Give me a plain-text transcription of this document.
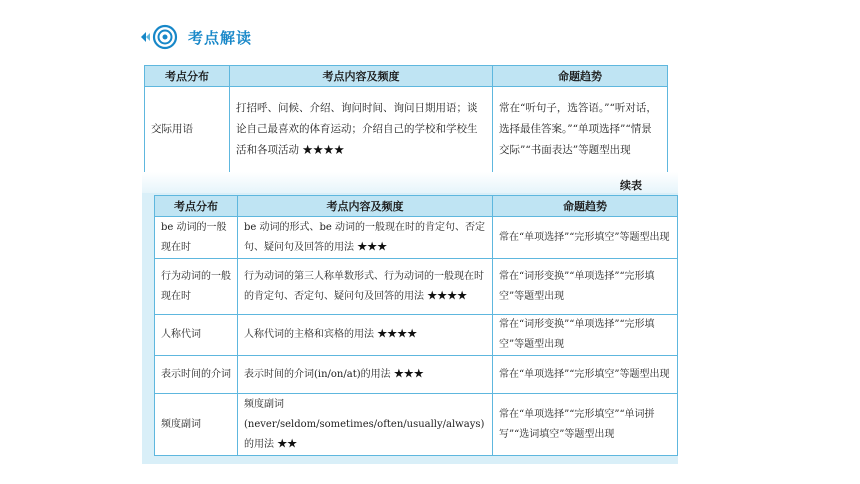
考点解读
考点分布	考点内容及频度	命题趋势
交际用语	打招呼、问候、介绍、询问时间、询问日期用语；谈论自己最喜欢的体育运动；介绍自己的学校和学校生活和各项活动 ★★★★	常在“听句子，选答语。”“听对话，选择最佳答案。”“单项选择”“情景交际”“书面表达”等题型出现
续表
考点分布	考点内容及频度	命题趋势
be 动词的一般现在时	be 动词的形式、be 动词的一般现在时的肯定句、否定句、疑问句及回答的用法 ★★★	常在“单项选择”“完形填空”等题型出现
行为动词的一般现在时	行为动词的第三人称单数形式、行为动词的一般现在时的肯定句、否定句、疑问句及回答的用法 ★★★★	常在“词形变换”“单项选择”“完形填空”等题型出现
人称代词	人称代词的主格和宾格的用法 ★★★★	常在“词形变换”“单项选择”“完形填空”等题型出现
表示时间的介词	表示时间的介词(in/on/at)的用法 ★★★	常在“单项选择”“完形填空”等题型出现
频度副词	频度副词(never/seldom/sometimes/often/usually/always)的用法 ★★	常在“单项选择”“完形填空”“单词拼写”“选词填空”等题型出现
